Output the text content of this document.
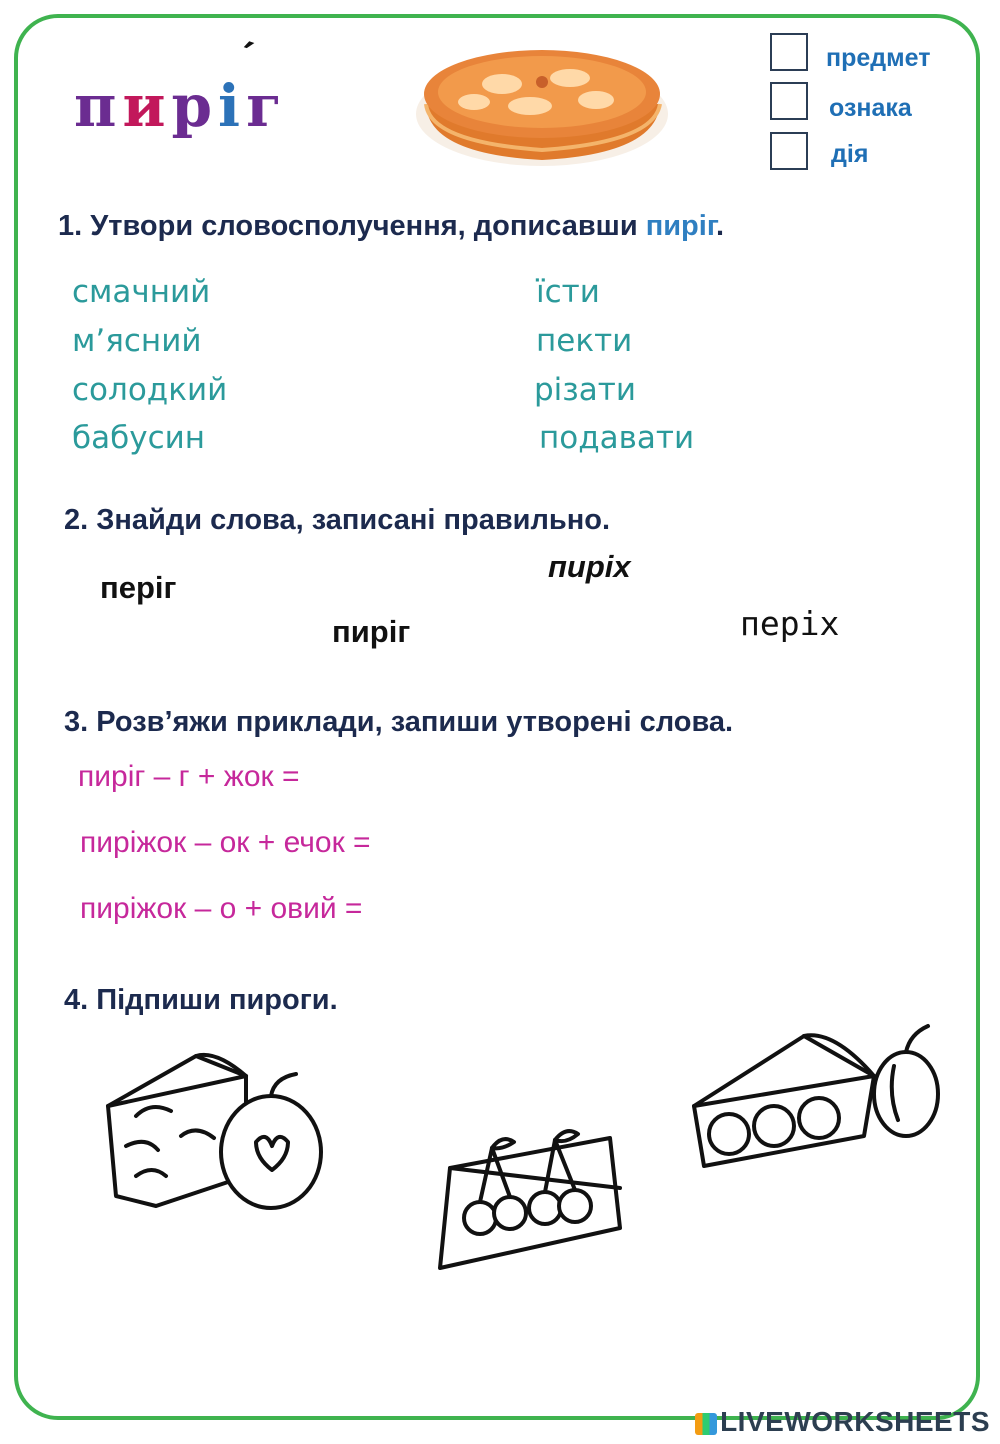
пиріг
′	предмет
ознака
дія
1. Утвори словосполучення, дописавши пиріг.
смачний
м’ясний
солодкий
бабусин
їсти
пекти
різати
подавати
2. Знайди слова, записані правильно.
періг
пиріх
пиріг	періх
3. Розв’яжи приклади, запиши утворені слова.
пиріг – г + жок =
пиріжок – ок + ечок =
пиріжок – о + овий =
4. Підпиши пироги.
LIVEWORKSHEETS
